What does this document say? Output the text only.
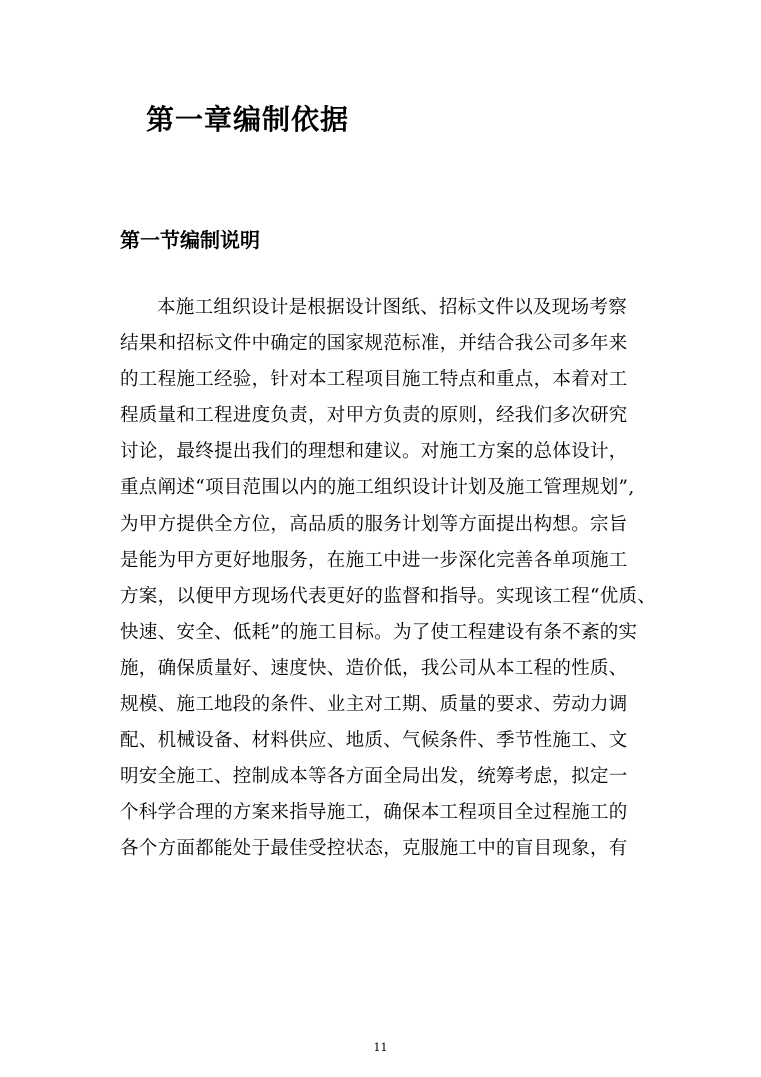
第一章编制依据
第一节编制说明
本施工组织设计是根据设计图纸、招标文件以及现场考察
结果和招标文件中确定的国家规范标准，并结合我公司多年来
的工程施工经验，针对本工程项目施工特点和重点，本着对工
程质量和工程进度负责，对甲方负责的原则，经我们多次研究
讨论，最终提出我们的理想和建议。对施工方案的总体设计，
重点阐述“项目范围以内的施工组织设计计划及施工管理规划”,
为甲方提供全方位，高品质的服务计划等方面提出构想。宗旨
是能为甲方更好地服务，在施工中进一步深化完善各单项施工
方案，以便甲方现场代表更好的监督和指导。实现该工程“优质、
快速、安全、低耗”的施工目标。为了使工程建设有条不紊的实
施，确保质量好、速度快、造价低，我公司从本工程的性质、
规模、施工地段的条件、业主对工期、质量的要求、劳动力调
配、机械设备、材料供应、地质、气候条件、季节性施工、文
明安全施工、控制成本等各方面全局出发，统筹考虑，拟定一
个科学合理的方案来指导施工，确保本工程项目全过程施工的
各个方面都能处于最佳受控状态，克服施工中的盲目现象，有
11
